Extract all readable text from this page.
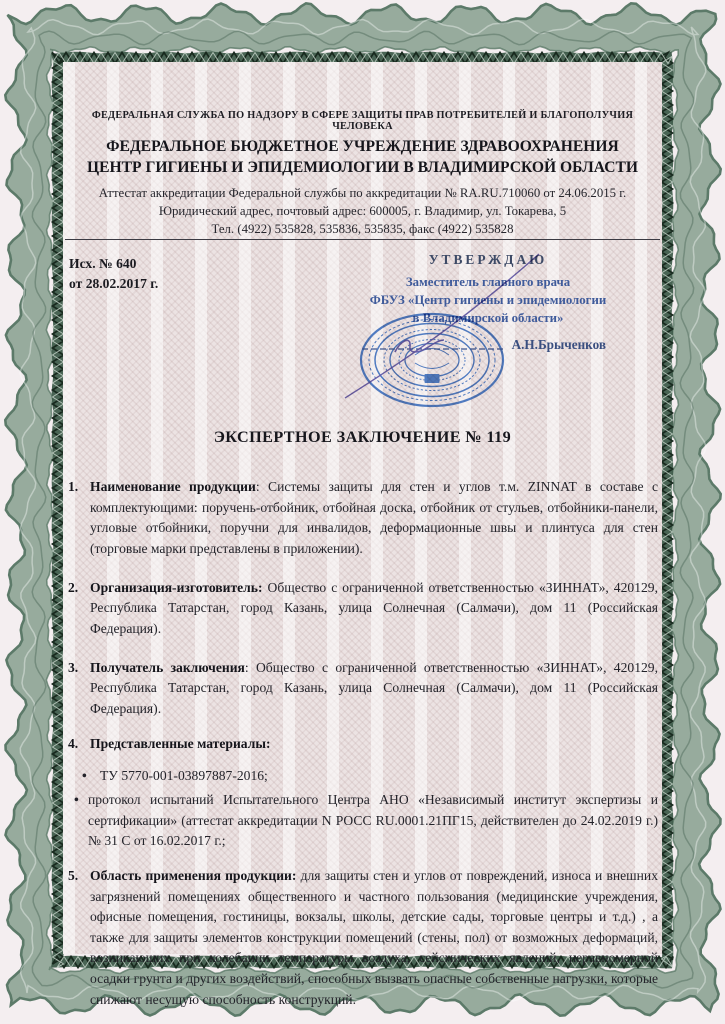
ФЕДЕРАЛЬНАЯ СЛУЖБА ПО НАДЗОРУ В СФЕРЕ ЗАЩИТЫ ПРАВ ПОТРЕБИТЕЛЕЙ И БЛАГОПОЛУЧИЯ ЧЕЛОВЕКА
ФЕДЕРАЛЬНОЕ БЮДЖЕТНОЕ УЧРЕЖДЕНИЕ ЗДРАВООХРАНЕНИЯ
ЦЕНТР ГИГИЕНЫ И ЭПИДЕМИОЛОГИИ В ВЛАДИМИРСКОЙ ОБЛАСТИ
Аттестат аккредитации Федеральной службы по аккредитации № RA.RU.710060 от 24.06.2015 г.
Юридический адрес, почтовый адрес: 600005, г. Владимир, ул. Токарева, 5
Тел. (4922) 535828, 535836, 535835, факс (4922) 535828
Исх. № 640
от 28.02.2017 г.
УТВЕРЖДАЮ
Заместитель главного врача
ФБУЗ «Центр гигиены и эпидемиологии
в Владимирской области»
А.Н.Брыченков
ЭКСПЕРТНОЕ ЗАКЛЮЧЕНИЕ № 119
1. Наименование продукции: Системы защиты для стен и углов т.м. ZINNAT в составе с комплектующими: поручень-отбойник, отбойная доска, отбойник от стульев, отбойники-панели, угловые отбойники, поручни для инвалидов, деформационные швы и плинтуса для стен (торговые марки представлены в приложении).
2. Организация-изготовитель: Общество с ограниченной ответственностью «ЗИННАТ», 420129, Республика Татарстан, город Казань, улица Солнечная (Салмачи), дом 11 (Российская Федерация).
3. Получатель заключения: Общество с ограниченной ответственностью «ЗИННАТ», 420129, Республика Татарстан, город Казань, улица Солнечная (Салмачи), дом 11 (Российская Федерация).
4. Представленные материалы:
• ТУ 5770-001-03897887-2016;
• протокол испытаний Испытательного Центра АНО «Независимый институт экспертизы и сертификации» (аттестат аккредитации N РОСС RU.0001.21ПГ15, действителен до 24.02.2019 г.) № 31 С от 16.02.2017 г.;
5. Область применения продукции: для защиты стен и углов от повреждений, износа и внешних загрязнений помещениях общественного и частного пользования (медицинские учреждения, офисные помещения, гостиницы, вокзалы, школы, детские сады, торговые центры и т.д.) , а также для защиты элементов конструкции помещений (стены, пол) от возможных деформаций, возникающих при колебании температуры воздуха, сейсмических явлений, неравномерной осадки грунта и других воздействий, способных вызвать опасные собственные нагрузки, которые снижают несущую способность конструкций.
